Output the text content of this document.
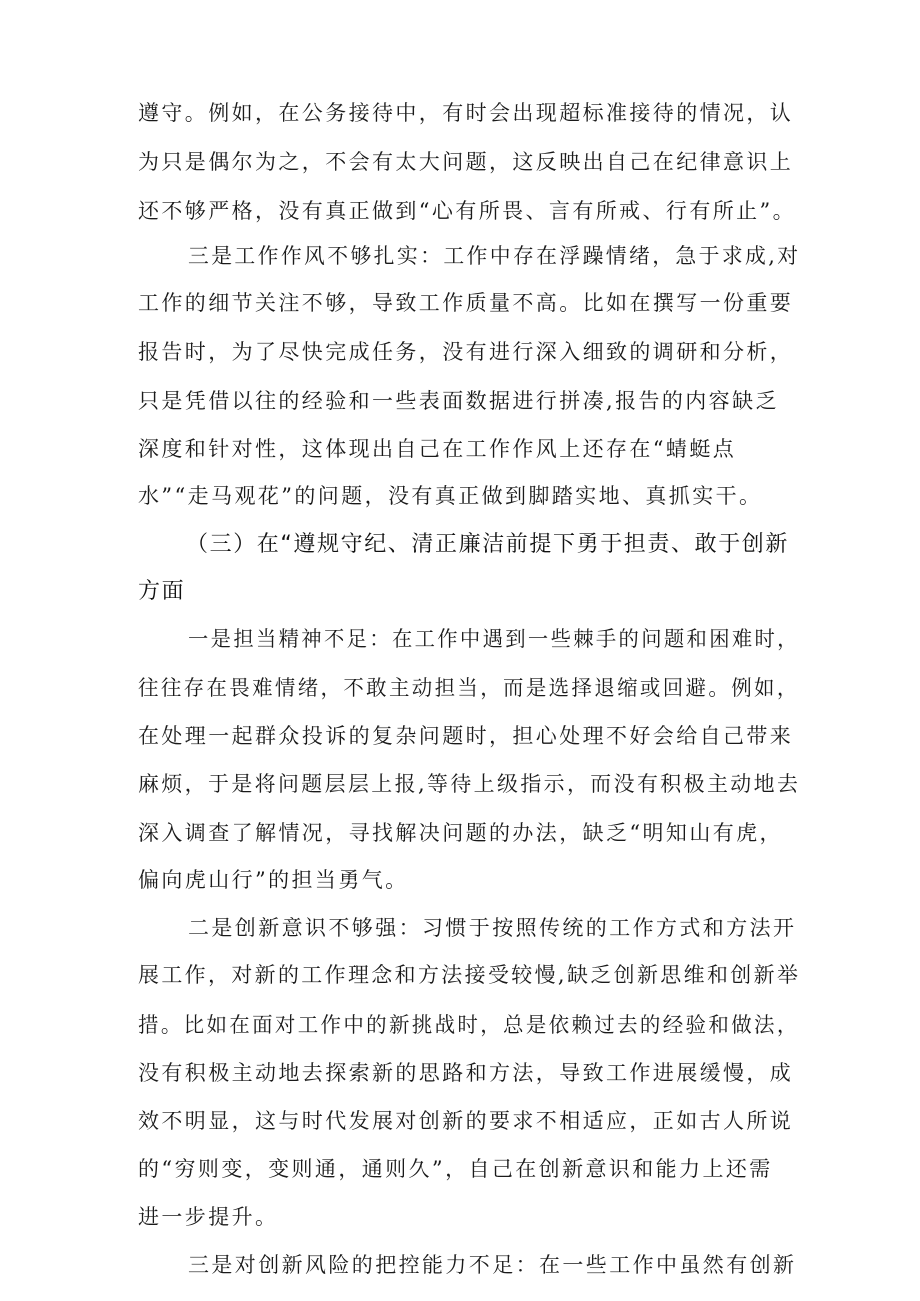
遵守。例如，在公务接待中，有时会出现超标准接待的情况，认
为只是偶尔为之，不会有太大问题，这反映出自己在纪律意识上
还不够严格，没有真正做到“心有所畏、言有所戒、行有所止”。
三是工作作风不够扎实：工作中存在浮躁情绪，急于求成,对
工作的细节关注不够，导致工作质量不高。比如在撰写一份重要
报告时，为了尽快完成任务，没有进行深入细致的调研和分析，
只是凭借以往的经验和一些表面数据进行拼凑,报告的内容缺乏
深度和针对性，这体现出自己在工作作风上还存在“蜻蜓点
水”“走马观花”的问题，没有真正做到脚踏实地、真抓实干。
（三）在“遵规守纪、清正廉洁前提下勇于担责、敢于创新
方面
一是担当精神不足：在工作中遇到一些棘手的问题和困难时，
往往存在畏难情绪，不敢主动担当，而是选择退缩或回避。例如，
在处理一起群众投诉的复杂问题时，担心处理不好会给自己带来
麻烦，于是将问题层层上报,等待上级指示，而没有积极主动地去
深入调查了解情况，寻找解决问题的办法，缺乏“明知山有虎，
偏向虎山行”的担当勇气。
二是创新意识不够强：习惯于按照传统的工作方式和方法开
展工作，对新的工作理念和方法接受较慢,缺乏创新思维和创新举
措。比如在面对工作中的新挑战时，总是依赖过去的经验和做法，
没有积极主动地去探索新的思路和方法，导致工作进展缓慢，成
效不明显，这与时代发展对创新的要求不相适应，正如古人所说
的“穷则变，变则通，通则久”，自己在创新意识和能力上还需
进一步提升。
三是对创新风险的把控能力不足：在一些工作中虽然有创新
